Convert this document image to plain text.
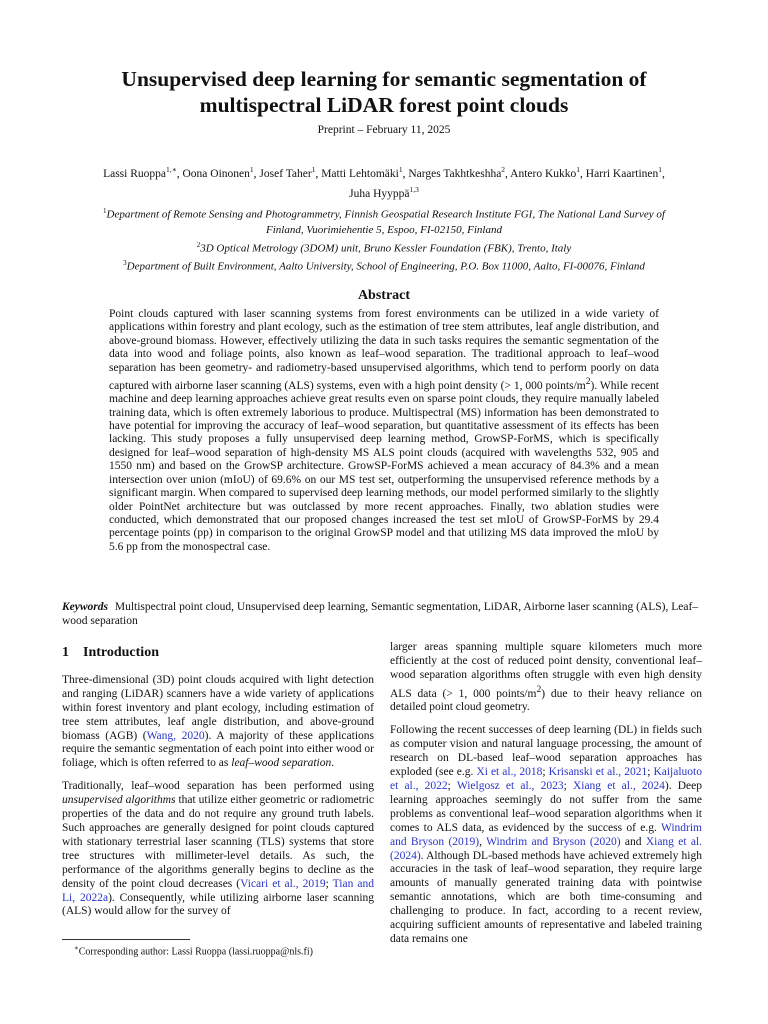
Unsupervised deep learning for semantic segmentation of
multispectral LiDAR forest point clouds
Preprint – February 11, 2025
Lassi Ruoppa$^{1,∗}$, Oona Oinonen$^1$, Josef Taher$^1$, Matti Lehtomäki$^1$, Narges Takhtkeshha$^2$, Antero Kukko$^1$, Harri Kaartinen$^1$,
Juha Hyyppä$^{1,3}$
$^1$Department of Remote Sensing and Photogrammetry, Finnish Geospatial Research Institute FGI, The National Land Survey of
Finland, Vuorimiehentie 5, Espoo, FI-02150, Finland
$^2$3D Optical Metrology (3DOM) unit, Bruno Kessler Foundation (FBK), Trento, Italy
$^3$Department of Built Environment, Aalto University, School of Engineering, P.O. Box 11000, Aalto, FI-00076, Finland
Abstract
Point clouds captured with laser scanning systems from forest environments can be utilized in a wide variety of applications within forestry and plant ecology, such as the estimation of tree stem attributes, leaf angle distribution, and above-ground biomass. However, effectively utilizing the data in such tasks requires the semantic segmentation of the data into wood and foliage points, also known as leaf–wood separation. The traditional approach to leaf–wood separation has been geometry- and radiometry-based unsupervised algorithms, which tend to perform poorly on data captured with airborne laser scanning (ALS) systems, even with a high point density (> 1, 000 points/$m^2$). While recent machine and deep learning approaches achieve great results even on sparse point clouds, they require manually labeled training data, which is often extremely laborious to produce. Multispectral (MS) information has been demonstrated to have potential for improving the accuracy of leaf–wood separation, but quantitative assessment of its effects has been lacking. This study proposes a fully unsupervised deep learning method, GrowSP-ForMS, which is specifically designed for leaf–wood separation of high-density MS ALS point clouds (acquired with wavelengths 532, 905 and 1550 nm) and based on the GrowSP architecture. GrowSP-ForMS achieved a mean accuracy of 84.3% and a mean intersection over union (mIoU) of 69.6% on our MS test set, outperforming the unsupervised reference methods by a significant margin. When compared to supervised deep learning methods, our model performed similarly to the slightly older PointNet architecture but was outclassed by more recent approaches. Finally, two ablation studies were conducted, which demonstrated that our proposed changes increased the test set mIoU of GrowSP-ForMS by 29.4 percentage points (pp) in comparison to the original GrowSP model and that utilizing MS data improved the mIoU by 5.6 pp from the monospectral case.
Keywords Multispectral point cloud, Unsupervised deep learning, Semantic segmentation, LiDAR, Airborne laser scanning (ALS), Leaf–wood separation
1 Introduction

Three-dimensional (3D) point clouds acquired with light detection and ranging (LiDAR) scanners have a wide variety of applications within forest inventory and plant ecology, including estimation of tree stem attributes, leaf angle distribution, and above-ground biomass (AGB) (Wang, 2020). A majority of these applications require the semantic segmentation of each point into either wood or foliage, which is often referred to as leaf–wood separation.

Traditionally, leaf–wood separation has been performed using unsupervised algorithms that utilize either geometric or radiometric properties of the data and do not require any ground truth labels. Such approaches are generally designed for point clouds captured with stationary terrestrial laser scanning (TLS) systems that store tree structures with millimeter-level details. As such, the performance of the algorithms generally begins to decline as the density of the point cloud decreases (Vicari et al., 2019; Tian and Li, 2022a). Consequently, while utilizing airborne laser scanning (ALS) would allow for the survey of

larger areas spanning multiple square kilometers much more efficiently at the cost of reduced point density, conventional leaf–wood separation algorithms often struggle with even high density ALS data (> 1, 000 points/$m^2$) due to their heavy reliance on detailed point cloud geometry.

Following the recent successes of deep learning (DL) in fields such as computer vision and natural language processing, the amount of research on DL-based leaf–wood separation approaches has exploded (see e.g. Xi et al., 2018; Krisanski et al., 2021; Kaijaluoto et al., 2022; Wielgosz et al., 2023; Xiang et al., 2024). Deep learning approaches seemingly do not suffer from the same problems as conventional leaf–wood separation algorithms when it comes to ALS data, as evidenced by the success of e.g. Windrim and Bryson (2019), Windrim and Bryson (2020) and Xiang et al. (2024). Although DL-based methods have achieved extremely high accuracies in the task of leaf–wood separation, they require large amounts of manually generated training data with pointwise semantic annotations, which are both time-consuming and challenging to produce. In fact, according to a recent review, acquiring sufficient amounts of representative and labeled training data remains one

∗Corresponding author: Lassi Ruoppa (lassi.ruoppa@nls.fi)
